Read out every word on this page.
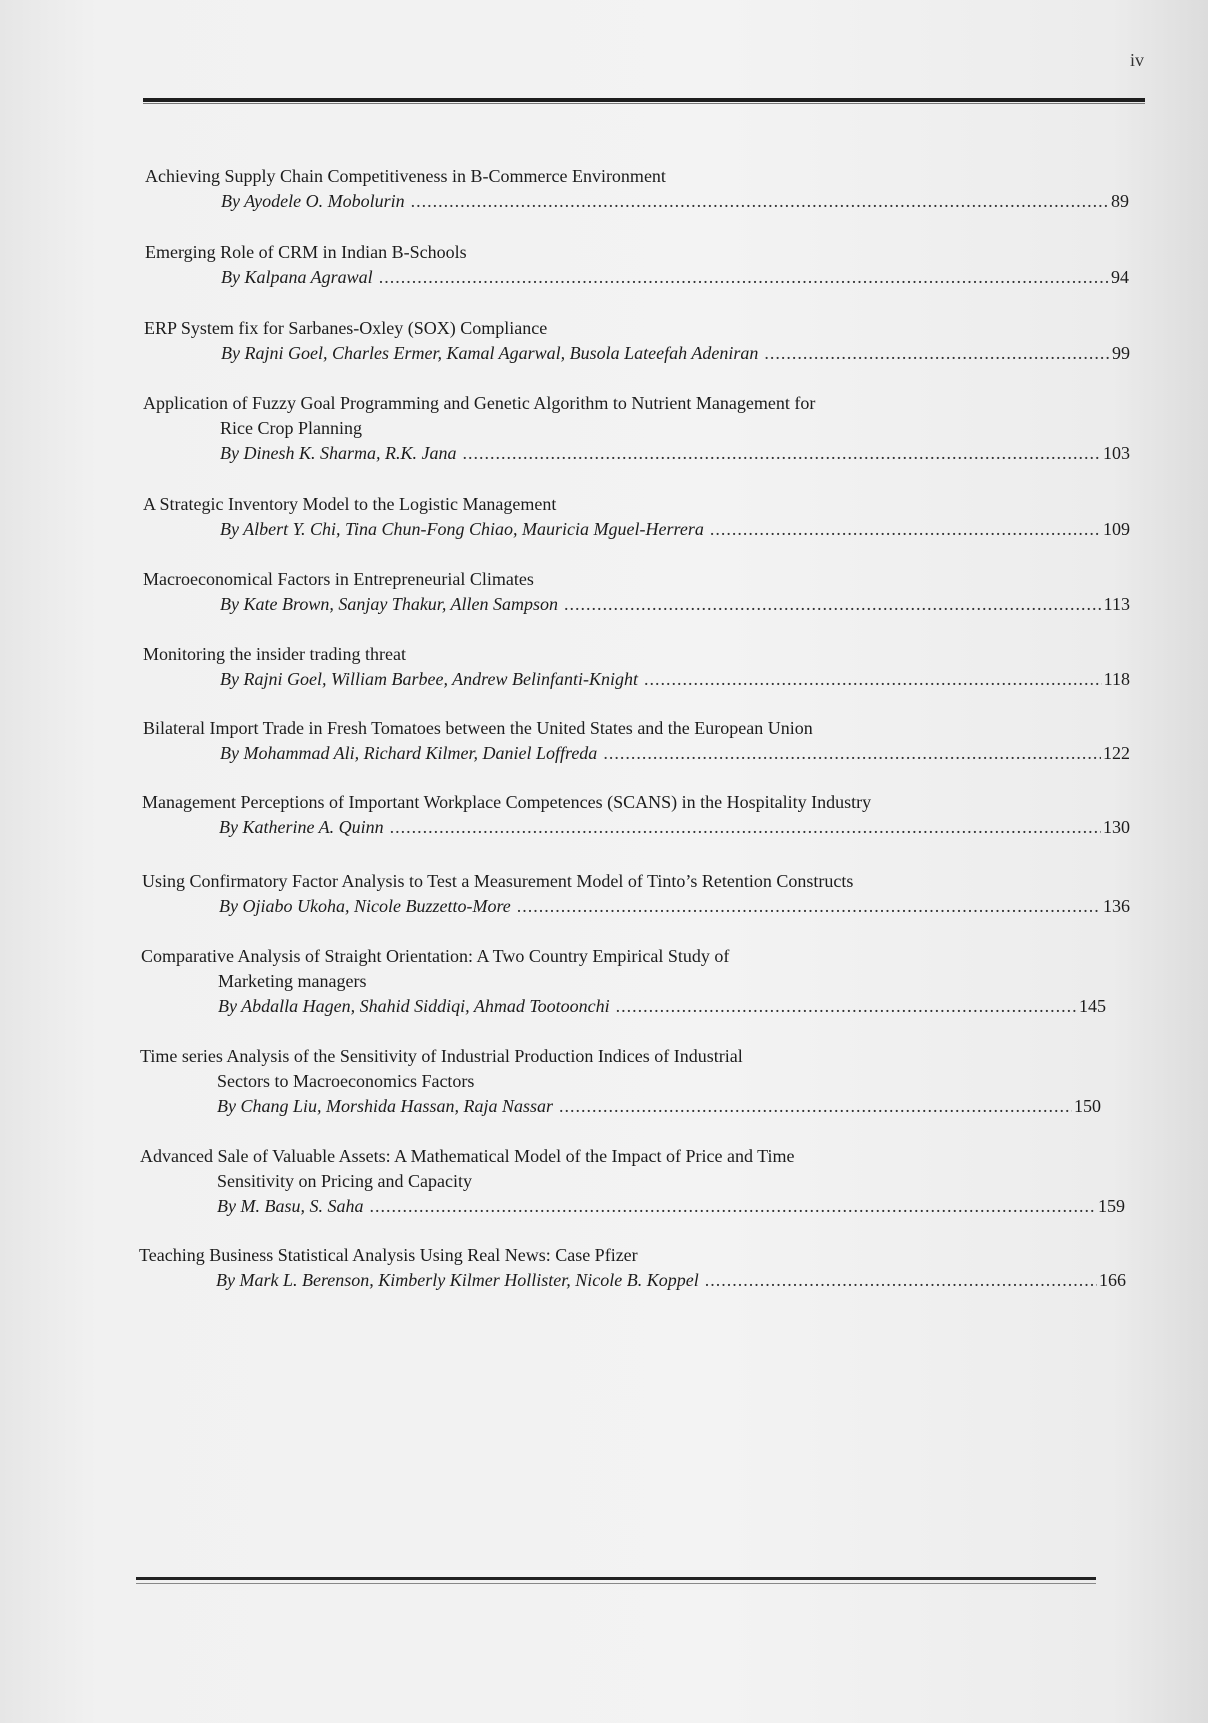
iv
Achieving Supply Chain Competitiveness in B-Commerce Environment
By Ayodele O. Mobolurin .....	89
Emerging Role of CRM in Indian B-Schools
By Kalpana Agrawal .....	94
ERP System fix for Sarbanes-Oxley (SOX) Compliance
By Rajni Goel, Charles Ermer, Kamal Agarwal, Busola Lateefah Adeniran .....	99
Application of Fuzzy Goal Programming and Genetic Algorithm to Nutrient Management for
Rice Crop Planning
By Dinesh K. Sharma, R.K. Jana .....	103
A Strategic Inventory Model to the Logistic Management
By Albert Y. Chi, Tina Chun-Fong Chiao, Mauricia Mguel-Herrera .....	109
Macroeconomical Factors in Entrepreneurial Climates
By Kate Brown, Sanjay Thakur, Allen Sampson .....	113
Monitoring the insider trading threat
By Rajni Goel, William Barbee, Andrew Belinfanti-Knight .....	118
Bilateral Import Trade in Fresh Tomatoes between the United States and the European Union
By Mohammad Ali, Richard Kilmer, Daniel Loffreda .....	122
Management Perceptions of Important Workplace Competences (SCANS) in the Hospitality Industry
By Katherine A. Quinn .....	130
Using Confirmatory Factor Analysis to Test a Measurement Model of Tinto’s Retention Constructs
By Ojiabo Ukoha, Nicole Buzzetto-More .....	136
Comparative Analysis of Straight Orientation: A Two Country Empirical Study of
Marketing managers
By Abdalla Hagen, Shahid Siddiqi, Ahmad Tootoonchi .....	145
Time series Analysis of the Sensitivity of Industrial Production Indices of Industrial
Sectors to Macroeconomics Factors
By Chang Liu, Morshida Hassan, Raja Nassar .....	150
Advanced Sale of Valuable Assets: A Mathematical Model of the Impact of Price and Time
Sensitivity on Pricing and Capacity
By M. Basu, S. Saha .....	159
Teaching Business Statistical Analysis Using Real News: Case Pfizer
By Mark L. Berenson, Kimberly Kilmer Hollister, Nicole B. Koppel .....	166
